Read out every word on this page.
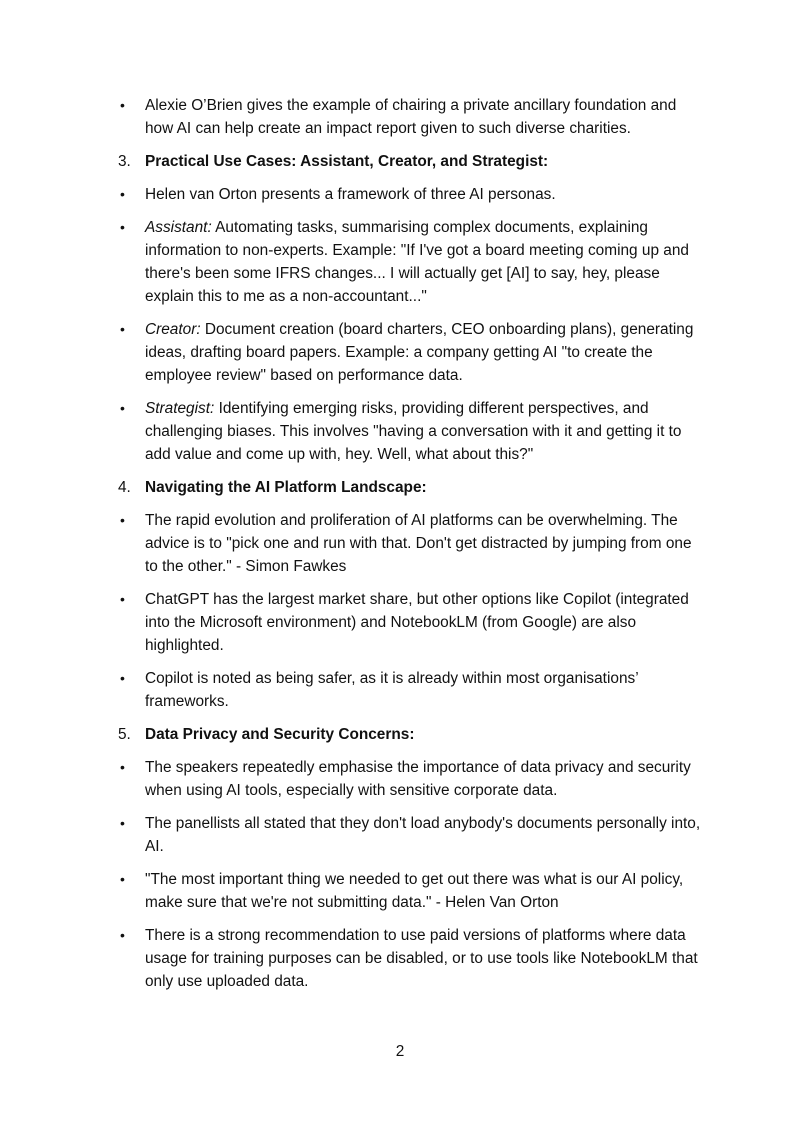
•	Alexie O’Brien gives the example of chairing a private ancillary foundation and how AI can help create an impact report given to such diverse charities.
3. Practical Use Cases: Assistant, Creator, and Strategist:
•	Helen van Orton presents a framework of three AI personas.
•	Assistant: Automating tasks, summarising complex documents, explaining information to non-experts. Example: "If I've got a board meeting coming up and there's been some IFRS changes... I will actually get [AI] to say, hey, please explain this to me as a non-accountant..."
•	Creator: Document creation (board charters, CEO onboarding plans), generating ideas, drafting board papers. Example: a company getting AI "to create the employee review" based on performance data.
•	Strategist: Identifying emerging risks, providing different perspectives, and challenging biases. This involves "having a conversation with it and getting it to add value and come up with, hey. Well, what about this?"
4. Navigating the AI Platform Landscape:
•	The rapid evolution and proliferation of AI platforms can be overwhelming. The advice is to "pick one and run with that. Don't get distracted by jumping from one to the other." - Simon Fawkes
•	ChatGPT has the largest market share, but other options like Copilot (integrated into the Microsoft environment) and NotebookLM (from Google) are also highlighted.
•	Copilot is noted as being safer, as it is already within most organisations’ frameworks.
5. Data Privacy and Security Concerns:
•	The speakers repeatedly emphasise the importance of data privacy and security when using AI tools, especially with sensitive corporate data.
•	The panellists all stated that they don't load anybody's documents personally into, AI.
•	"The most important thing we needed to get out there was what is our AI policy, make sure that we're not submitting data." - Helen Van Orton
•	There is a strong recommendation to use paid versions of platforms where data usage for training purposes can be disabled, or to use tools like NotebookLM that only use uploaded data.
2
